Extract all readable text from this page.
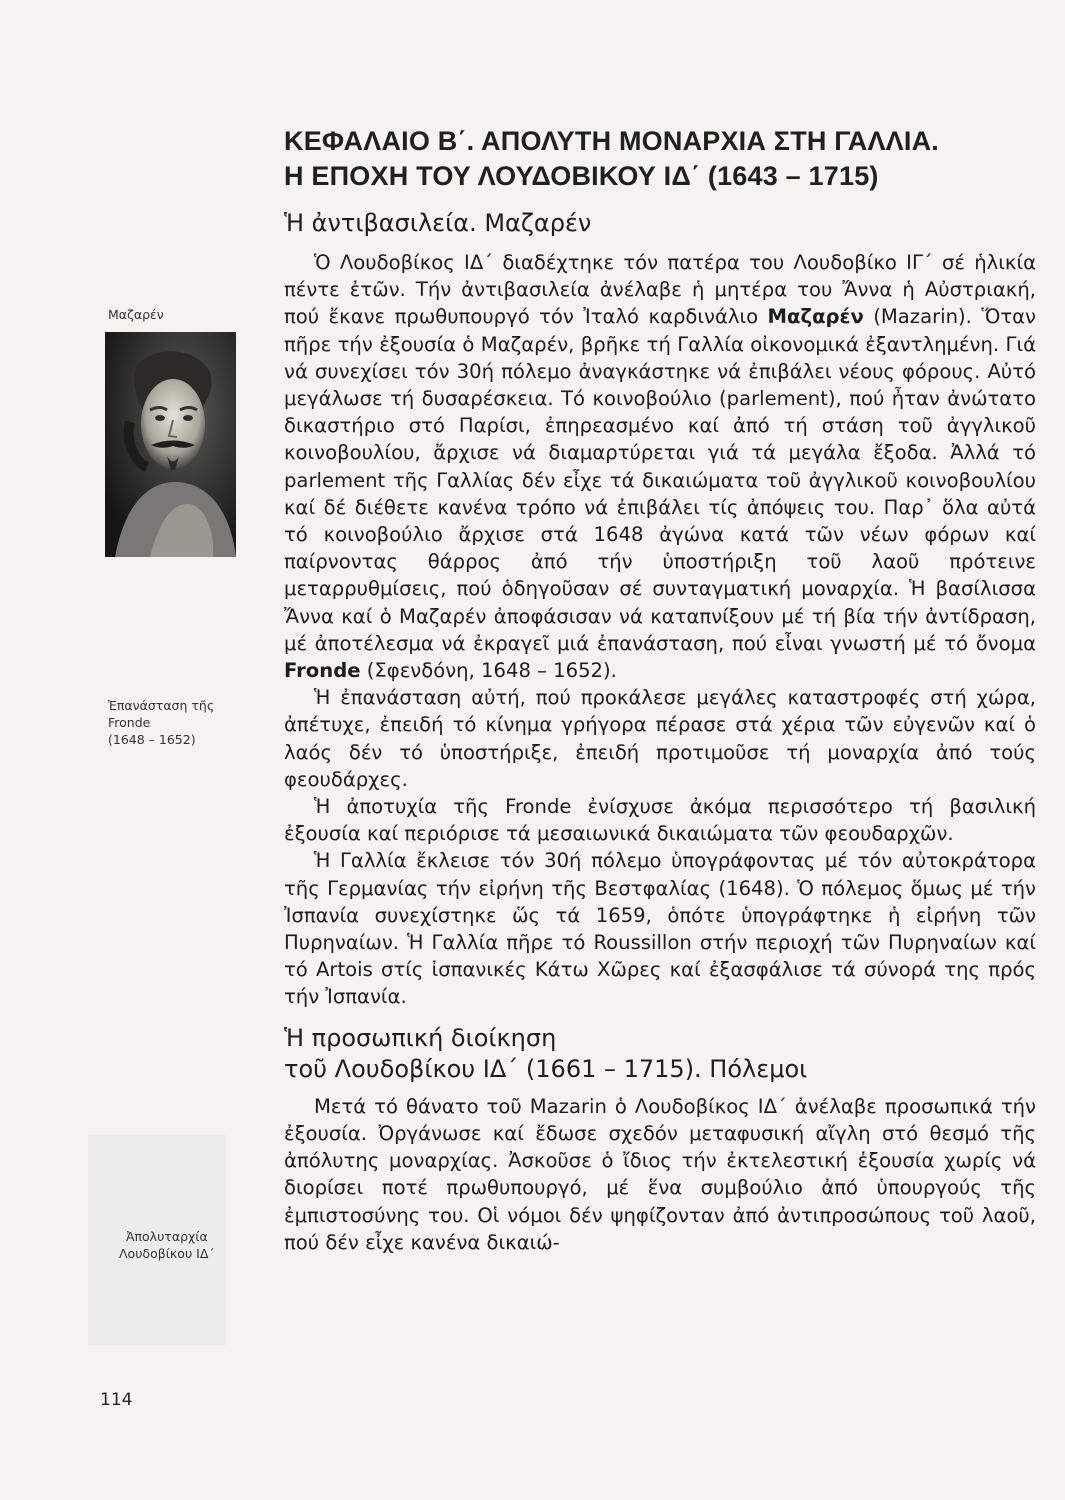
Μαζαρέν
Ἐπανάσταση τῆς
Fronde
(1648 – 1652)
Ἀπολυταρχία
Λουδοβίκου ΙΔ΄
114
ΚΕΦΑΛΑΙΟ Β΄. ΑΠΟΛΥΤΗ ΜΟΝΑΡΧΙΑ ΣΤΗ ΓΑΛΛΙΑ.
Η ΕΠΟΧΗ ΤΟΥ ΛΟΥΔΟΒΙΚΟΥ ΙΔ΄ (1643 – 1715)
Ἡ ἀντιβασιλεία. Μαζαρέν

Ὁ Λουδοβίκος ΙΔ΄ διαδέχτηκε τόν πατέρα του Λουδοβίκο ΙΓ΄ σέ ἡλικία πέντε ἐτῶν. Τήν ἀντιβασιλεία ἀνέλαβε ἡ μητέρα του Ἄννα ἡ Αὐστριακή, πού ἔκανε πρωθυπουργό τόν Ἰταλό καρδινάλιο Μαζαρέν (Mazarin). Ὅταν πῆρε τήν ἐξουσία ὁ Μαζαρέν, βρῆκε τή Γαλλία οἰκονομικά ἐξαντλημένη. Γιά νά συνεχίσει τόν 30ή πόλεμο ἀναγκάστηκε νά ἐπιβάλει νέους φόρους. Αὐτό μεγάλωσε τή δυσαρέσκεια. Τό κοινοβούλιο (parlement), πού ἦταν ἀνώτατο δικαστήριο στό Παρίσι, ἐπηρεασμένο καί ἀπό τή στάση τοῦ ἀγγλικοῦ κοινοβουλίου, ἄρχισε νά διαμαρτύρεται γιά τά μεγάλα ἔξοδα. Ἀλλά τό parlement τῆς Γαλλίας δέν εἶχε τά δικαιώματα τοῦ ἀγγλικοῦ κοινοβουλίου καί δέ διέθετε κανένα τρόπο νά ἐπιβάλει τίς ἀπόψεις του. Παρ᾽ ὅλα αὐτά τό κοινοβούλιο ἄρχισε στά 1648 ἀγώνα κατά τῶν νέων φόρων καί παίρνοντας θάρρος ἀπό τήν ὑποστήριξη τοῦ λαοῦ πρότεινε μεταρρυθμίσεις, πού ὁδηγοῦσαν σέ συνταγματική μοναρχία. Ἡ βασίλισσα Ἄννα καί ὁ Μαζαρέν ἀποφάσισαν νά καταπνίξουν μέ τή βία τήν ἀντίδραση, μέ ἀποτέλεσμα νά ἐκραγεῖ μιά ἐπανάσταση, πού εἶναι γνωστή μέ τό ὄνομα Fronde (Σφενδόνη, 1648 – 1652).

Ἡ ἐπανάσταση αὐτή, πού προκάλεσε μεγάλες καταστροφές στή χώρα, ἀπέτυχε, ἐπειδή τό κίνημα γρήγορα πέρασε στά χέρια τῶν εὐγενῶν καί ὁ λαός δέν τό ὑποστήριξε, ἐπειδή προτιμοῦσε τή μοναρχία ἀπό τούς φεουδάρχες.

Ἡ ἀποτυχία τῆς Fronde ἐνίσχυσε ἀκόμα περισσότερο τή βασιλική ἐξουσία καί περιόρισε τά μεσαιωνικά δικαιώματα τῶν φεουδαρχῶν.

Ἡ Γαλλία ἔκλεισε τόν 30ή πόλεμο ὑπογράφοντας μέ τόν αὐτοκράτορα τῆς Γερμανίας τήν εἰρήνη τῆς Βεστφαλίας (1648). Ὁ πόλεμος ὅμως μέ τήν Ἰσπανία συνεχίστηκε ὥς τά 1659, ὁπότε ὑπογράφτηκε ἡ εἰρήνη τῶν Πυρηναίων. Ἡ Γαλλία πῆρε τό Roussillon στήν περιοχή τῶν Πυρηναίων καί τό Artois στίς ἰσπανικές Κάτω Χῶρες καί ἐξασφάλισε τά σύνορά της πρός τήν Ἰσπανία.

Ἡ προσωπική διοίκηση
τοῦ Λουδοβίκου ΙΔ΄ (1661 – 1715). Πόλεμοι

Μετά τό θάνατο τοῦ Mazarin ὁ Λουδοβίκος ΙΔ΄ ἀνέλαβε προσωπικά τήν ἐξουσία. Ὀργάνωσε καί ἔδωσε σχεδόν μεταφυσική αἴγλη στό θεσμό τῆς ἀπόλυτης μοναρχίας. Ἀσκοῦσε ὁ ἴδιος τήν ἐκτελεστική ἐξουσία χωρίς νά διορίσει ποτέ πρωθυπουργό, μέ ἕνα συμβούλιο ἀπό ὑπουργούς τῆς ἐμπιστοσύνης του. Οἱ νόμοι δέν ψηφίζονταν ἀπό ἀντιπροσώπους τοῦ λαοῦ, πού δέν εἶχε κανένα δικαιώ-
